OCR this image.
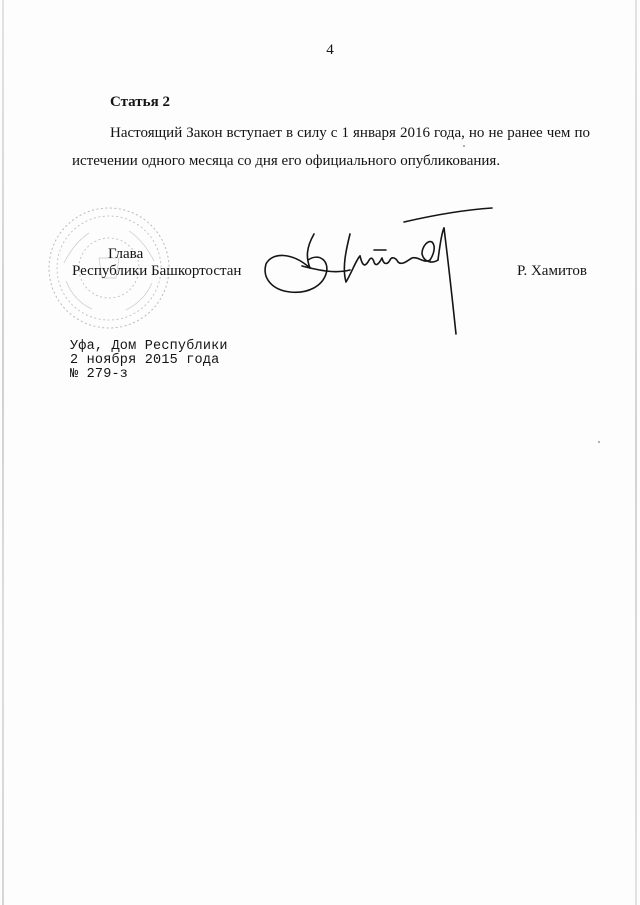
4
Статья 2
Настоящий Закон вступает в силу с 1 января 2016 года, но не ранее чем по истечении одного месяца со дня его официального опубликования.
Глава
Республики Башкортостан	Р. Хамитов
Уфа, Дом Республики
2 ноября 2015 года
№ 279-з
